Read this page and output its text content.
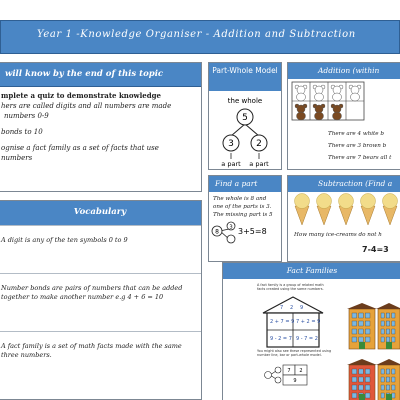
Year 1 -Knowledge Organiser - Addition and Subtraction
will know by the end of this topic
mplete a quiz to demonstrate knowledge
hers are called digits and all numbers are made
numbers 0-9
bonds to 10
ognise a fact family as a set of facts that use
numbers
Vocabulary
A digit is any of the ten symbols 0 to 9
Number bonds are pairs of numbers that can be added together to make another number e.g 4 + 6 = 10
A fact family is a set of math facts made with the same three numbers.
Part-Whole Model
the whole
5
3 2
a part a part
Find a part
The whole is 8 and one of the parts is 3. The missing part is 5
8
3 3+5=8
Addition (within
There are 4 white b
There are 3 brown b
There are 7 bears all t
Subtraction (Find a
How many ice-creams do not h
7-4=3
Fact Families
A fact family is a group of related math facts created using the same numbers.
7 2 9
2 + 7 = 9 7 + 2 = 9
9 - 2 = 7 9 - 7 = 2
You might also see these represented using number line, bar or part-whole model.
7 2
9
